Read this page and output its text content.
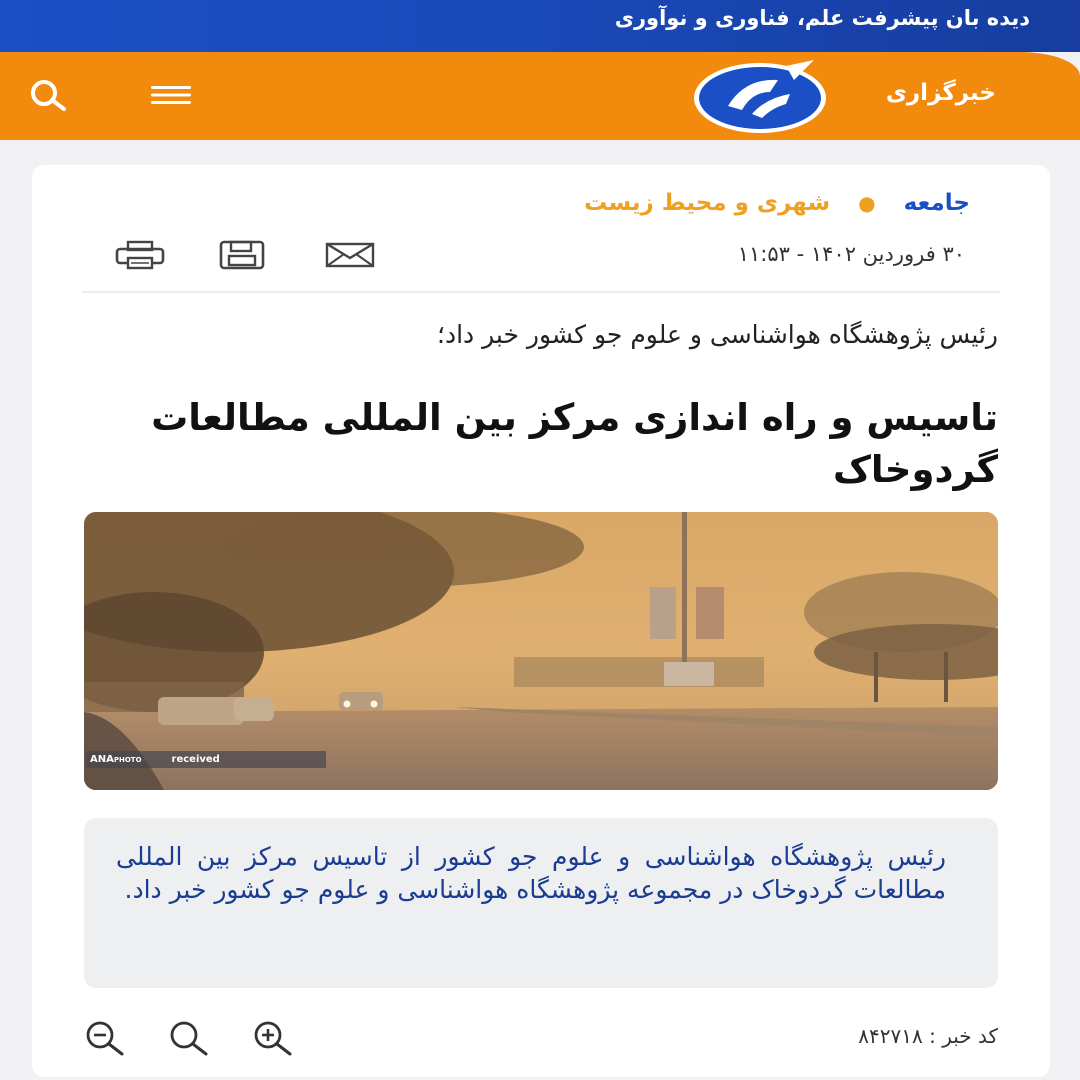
دیده بان پیشرفت علم، فناوری و نوآوری
خبرگزاری
جامعه ● شهری و محیط زیست
۳۰ فروردین ۱۴۰۲ - ۱۱:۵۳
رئیس پژوهشگاه هواشناسی و علوم جو کشور خبر داد؛
تاسیس و راه اندازی مرکز بین المللی مطالعات گردوخاک
ANAPHOTO	received
رئیس پژوهشگاه هواشناسی و علوم جو کشور از تاسیس مرکز بین المللی مطالعات گردوخاک در مجموعه پژوهشگاه هواشناسی و علوم جو کشور خبر داد.
کد خبر : ۸۴۲۷۱۸
